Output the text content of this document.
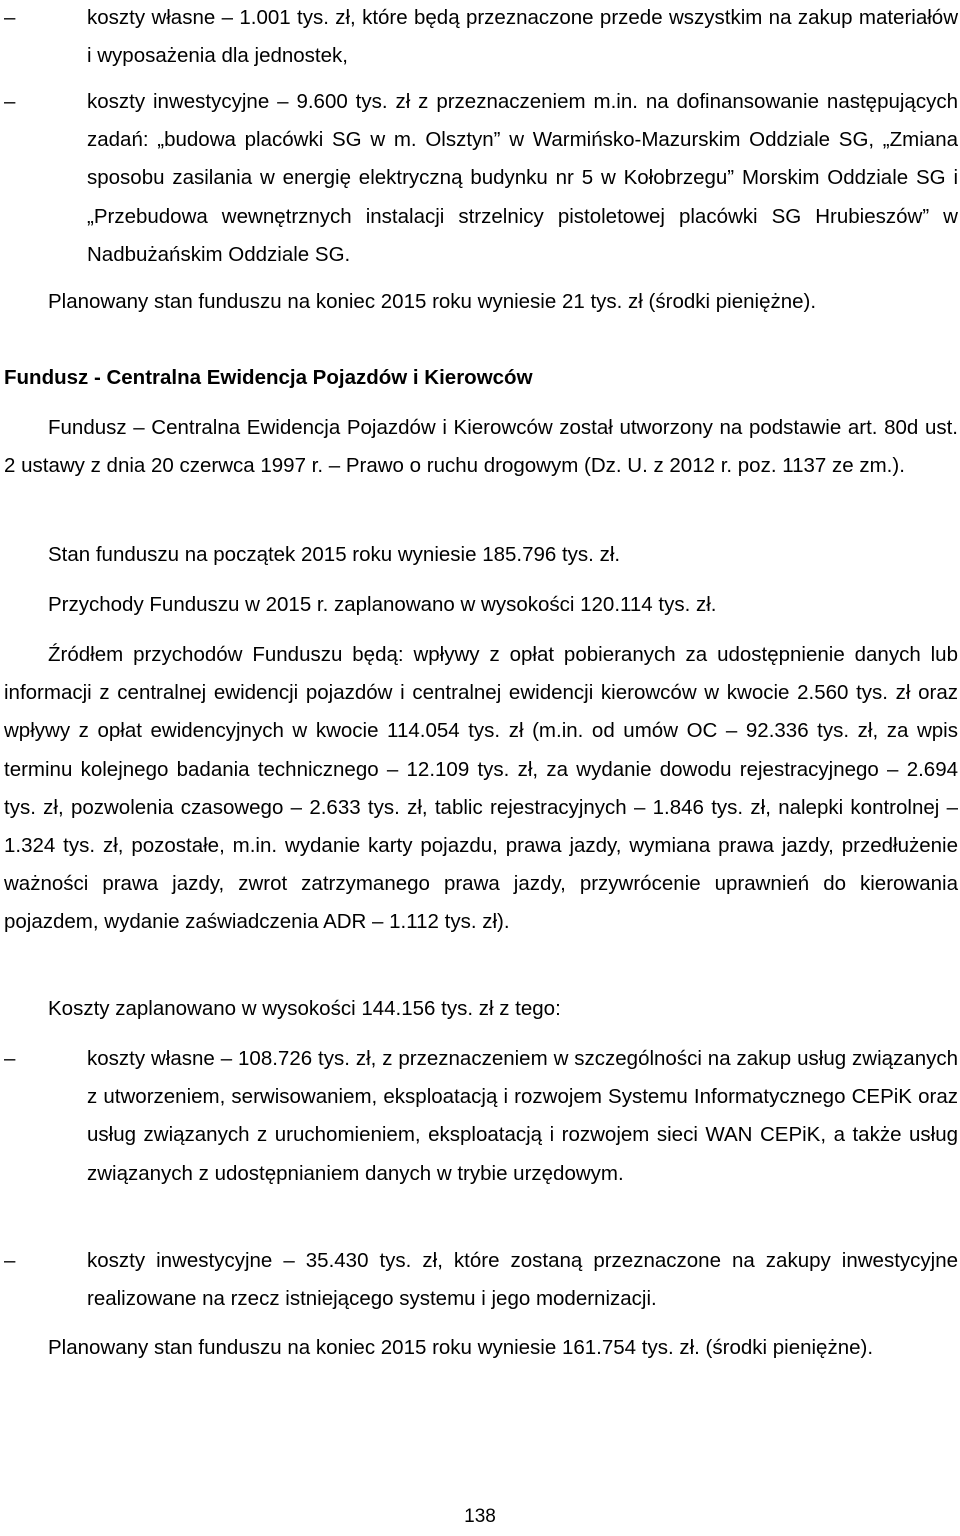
–	koszty własne – 1.001 tys. zł, które będą przeznaczone przede wszystkim na zakup materiałów i wyposażenia dla jednostek,
–	koszty inwestycyjne – 9.600 tys. zł z przeznaczeniem m.in. na dofinansowanie następujących zadań: „budowa placówki SG w m. Olsztyn” w Warmińsko-Mazurskim Oddziale SG, „Zmiana sposobu zasilania w energię elektryczną budynku nr 5 w Kołobrzegu” Morskim Oddziale SG i „Przebudowa wewnętrznych instalacji strzelnicy pistoletowej placówki SG Hrubieszów” w Nadbużańskim Oddziale SG.
Planowany stan funduszu na koniec 2015 roku wyniesie 21 tys. zł (środki pieniężne).
Fundusz - Centralna Ewidencja Pojazdów i Kierowców
Fundusz – Centralna Ewidencja Pojazdów i Kierowców został utworzony na podstawie art. 80d ust. 2 ustawy z dnia 20 czerwca 1997 r. – Prawo o ruchu drogowym (Dz. U. z 2012 r. poz. 1137 ze zm.).
Stan funduszu na początek 2015 roku wyniesie 185.796 tys. zł.
Przychody Funduszu w 2015 r. zaplanowano w wysokości 120.114 tys. zł.
Źródłem przychodów Funduszu będą: wpływy z opłat pobieranych za udostępnienie danych lub informacji z centralnej ewidencji pojazdów i centralnej ewidencji kierowców w kwocie 2.560 tys. zł oraz wpływy z opłat ewidencyjnych w kwocie 114.054 tys. zł (m.in. od umów OC – 92.336 tys. zł, za wpis terminu kolejnego badania technicznego – 12.109 tys. zł, za wydanie dowodu rejestracyjnego – 2.694 tys. zł, pozwolenia czasowego – 2.633 tys. zł, tablic rejestracyjnych – 1.846 tys. zł, nalepki kontrolnej – 1.324 tys. zł, pozostałe, m.in. wydanie karty pojazdu, prawa jazdy, wymiana prawa jazdy, przedłużenie ważności prawa jazdy, zwrot zatrzymanego prawa jazdy, przywrócenie uprawnień do kierowania pojazdem, wydanie zaświadczenia ADR – 1.112 tys. zł).
Koszty zaplanowano w wysokości 144.156 tys. zł z tego:
–	koszty własne – 108.726 tys. zł, z przeznaczeniem w szczególności na zakup usług związanych z utworzeniem, serwisowaniem, eksploatacją i rozwojem Systemu Informatycznego CEPiK oraz usług związanych z uruchomieniem, eksploatacją i rozwojem sieci WAN CEPiK, a także usług związanych z udostępnianiem danych w trybie urzędowym.
–	koszty inwestycyjne – 35.430 tys. zł, które zostaną przeznaczone na zakupy inwestycyjne realizowane na rzecz istniejącego systemu i jego modernizacji.
Planowany stan funduszu na koniec 2015 roku wyniesie 161.754 tys. zł. (środki pieniężne).
138
